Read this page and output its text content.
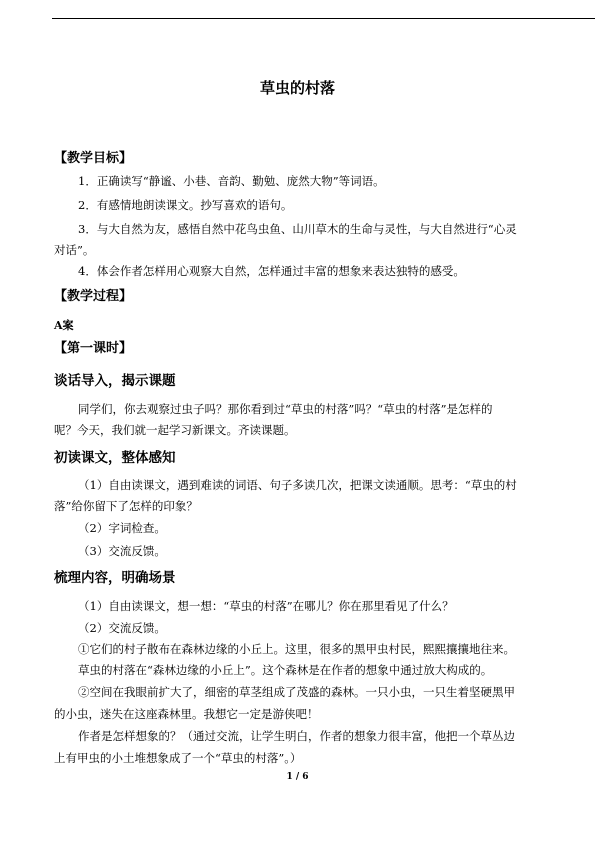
草虫的村落
【教学目标】
1．正确读写“静谧、小巷、音韵、勤勉、庞然大物”等词语。
2．有感情地朗读课文。抄写喜欢的语句。
3．与大自然为友，感悟自然中花鸟虫鱼、山川草木的生命与灵性，与大自然进行“心灵
对话”。
4．体会作者怎样用心观察大自然，怎样通过丰富的想象来表达独特的感受。
【教学过程】
A案
【第一课时】
谈话导入，揭示课题
同学们，你去观察过虫子吗？那你看到过“草虫的村落”吗？“草虫的村落”是怎样的
呢？今天，我们就一起学习新课文。齐读课题。
初读课文，整体感知
（1）自由读课文，遇到难读的词语、句子多读几次，把课文读通顺。思考：“草虫的村
落”给你留下了怎样的印象？
（2）字词检查。
（3）交流反馈。
梳理内容，明确场景
（1）自由读课文，想一想：“草虫的村落”在哪儿？你在那里看见了什么？
（2）交流反馈。
①它们的村子散布在森林边缘的小丘上。这里，很多的黑甲虫村民，熙熙攘攘地往来。
草虫的村落在“森林边缘的小丘上”。这个森林是在作者的想象中通过放大构成的。
②空间在我眼前扩大了，细密的草茎组成了茂盛的森林。一只小虫，一只生着坚硬黑甲
的小虫，迷失在这座森林里。我想它一定是游侠吧！
作者是怎样想象的？（通过交流，让学生明白，作者的想象力很丰富，他把一个草丛边
上有甲虫的小土堆想象成了一个“草虫的村落”。）
1 / 6
